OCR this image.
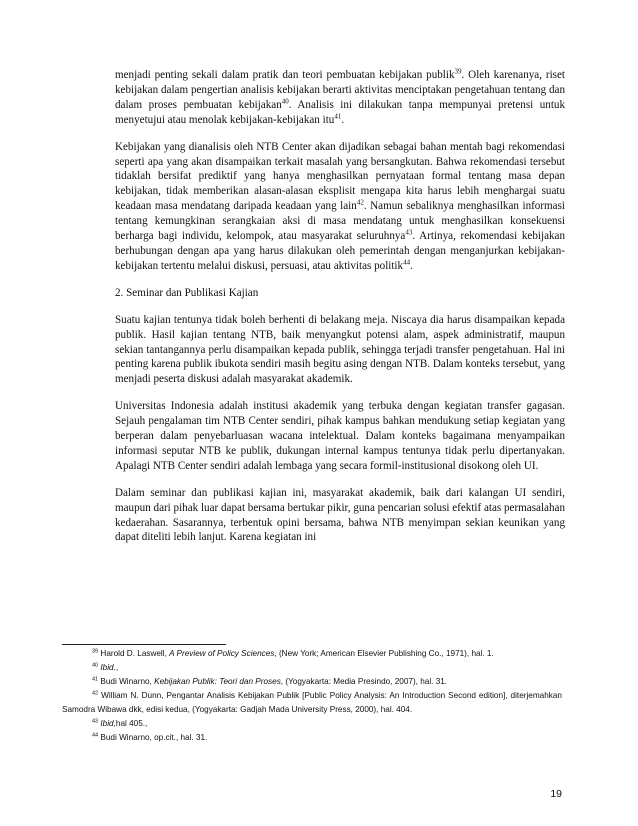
menjadi penting sekali dalam pratik dan teori pembuatan kebijakan publik$^{39}$. Oleh karenanya, riset kebijakan dalam pengertian analisis kebijakan berarti aktivitas menciptakan pengetahuan tentang dan dalam proses pembuatan kebijakan$^{40}$. Analisis ini dilakukan tanpa mempunyai pretensi untuk menyetujui atau menolak kebijakan-kebijakan itu$^{41}$.

Kebijakan yang dianalisis oleh NTB Center akan dijadikan sebagai bahan mentah bagi rekomendasi seperti apa yang akan disampaikan terkait masalah yang bersangkutan. Bahwa rekomendasi tersebut tidaklah bersifat prediktif yang hanya menghasilkan pernyataan formal tentang masa depan kebijakan, tidak memberikan alasan-alasan eksplisit mengapa kita harus lebih menghargai suatu keadaan masa mendatang daripada keadaan yang lain$^{42}$. Namun sebaliknya menghasilkan informasi tentang kemungkinan serangkaian aksi di masa mendatang untuk menghasilkan konsekuensi berharga bagi individu, kelompok, atau masyarakat seluruhnya$^{43}$. Artinya, rekomendasi kebijakan berhubungan dengan apa yang harus dilakukan oleh pemerintah dengan menganjurkan kebijakan-kebijakan tertentu melalui diskusi, persuasi, atau aktivitas politik$^{44}$.

2. Seminar dan Publikasi Kajian

Suatu kajian tentunya tidak boleh berhenti di belakang meja. Niscaya dia harus disampaikan kepada publik. Hasil kajian tentang NTB, baik menyangkut potensi alam, aspek administratif, maupun sekian tantangannya perlu disampaikan kepada publik, sehingga terjadi transfer pengetahuan. Hal ini penting karena publik ibukota sendiri masih begitu asing dengan NTB. Dalam konteks tersebut, yang menjadi peserta diskusi adalah masyarakat akademik.

Universitas Indonesia adalah institusi akademik yang terbuka dengan kegiatan transfer gagasan. Sejauh pengalaman tim NTB Center sendiri, pihak kampus bahkan mendukung setiap kegiatan yang berperan dalam penyebarluasan wacana intelektual. Dalam konteks bagaimana menyampaikan informasi seputar NTB ke publik, dukungan internal kampus tentunya tidak perlu dipertanyakan. Apalagi NTB Center sendiri adalah lembaga yang secara formil-institusional disokong oleh UI.

Dalam seminar dan publikasi kajian ini, masyarakat akademik, baik dari kalangan UI sendiri, maupun dari pihak luar dapat bersama bertukar pikir, guna pencarian solusi efektif atas permasalahan kedaerahan. Sasarannya, terbentuk opini bersama, bahwa NTB menyimpan sekian keunikan yang dapat diteliti lebih lanjut. Karena kegiatan ini

$^{39}$ Harold D. Laswell, A Preview of Policy Sciences, (New York; American Elsevier Publishing Co., 1971), hal. 1.

$^{40}$ Ibid.,

$^{41}$ Budi Winarno, Kebijakan Publik: Teori dan Proses, (Yogyakarta: Media Presindo, 2007), hal. 31.

$^{42}$ William N. Dunn, Pengantar Analisis Kebijakan Publik [Public Policy Analysis: An Introduction Second edition], diterjemahkan Samodra Wibawa dkk, edisi kedua, (Yogyakarta: Gadjah Mada University Press, 2000), hal. 404.

$^{43}$ Ibid,hal 405.,

$^{44}$ Budi Winarno, op.cit., hal. 31.

19
